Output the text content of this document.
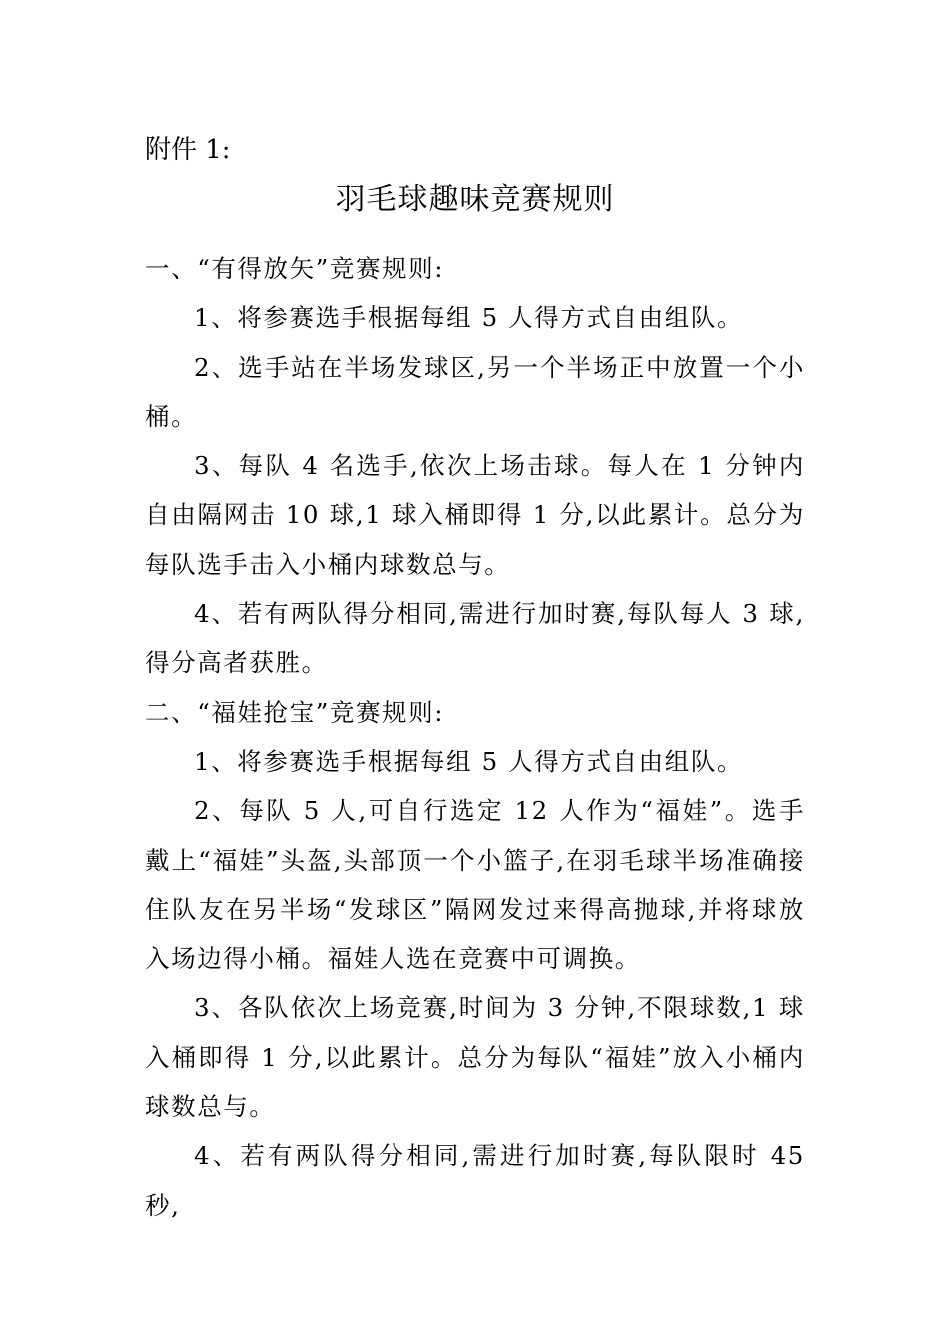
附件 1:
羽毛球趣味竞赛规则

一、“有得放矢”竞赛规则:

1、将参赛选手根据每组 5 人得方式自由组队。

2、选手站在半场发球区,另一个半场正中放置一个小桶。

3、每队 4 名选手,依次上场击球。每人在 1 分钟内自由隔网击 10 球,1 球入桶即得 1 分,以此累计。总分为每队选手击入小桶内球数总与。

4、若有两队得分相同,需进行加时赛,每队每人 3 球,得分高者获胜。

二、“福娃抢宝”竞赛规则:

1、将参赛选手根据每组 5 人得方式自由组队。

2、每队 5 人,可自行选定 12 人作为“福娃”。选手戴上“福娃”头盔,头部顶一个小篮子,在羽毛球半场准确接住队友在另半场“发球区”隔网发过来得高抛球,并将球放入场边得小桶。福娃人选在竞赛中可调换。

3、各队依次上场竞赛,时间为 3 分钟,不限球数,1 球入桶即得 1 分,以此累计。总分为每队“福娃”放入小桶内球数总与。

4、若有两队得分相同,需进行加时赛,每队限时 45 秒,
